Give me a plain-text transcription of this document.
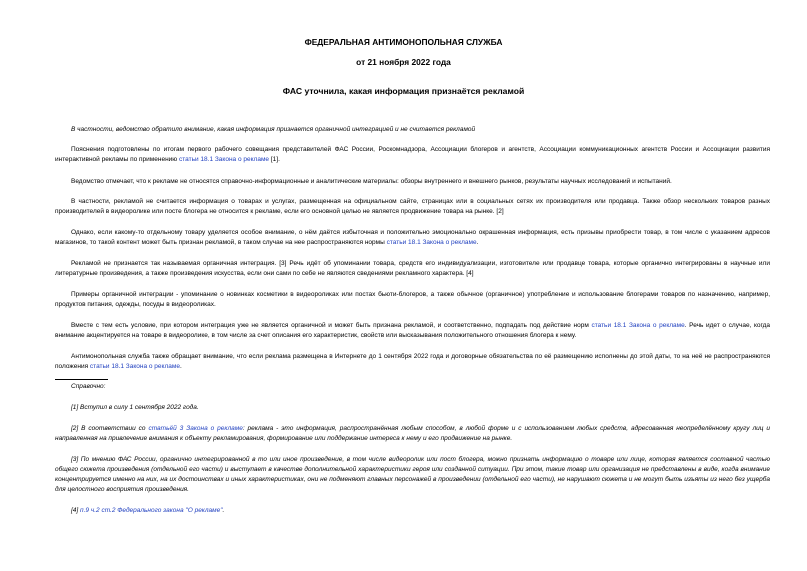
ФЕДЕРАЛЬНАЯ АНТИМОНОПОЛЬНАЯ СЛУЖБА
от 21 ноября 2022 года
ФАС уточнила, какая информация признаётся рекламой

В частности, ведомство обратило внимание, какая информация признается органичной интеграцией и не считается рекламой

Пояснения подготовлены по итогам первого рабочего совещания представителей ФАС России, Роскомнадзора, Ассоциации блогеров и агентств, Ассоциации коммуникационных агентств России и Ассоциации развития интерактивной рекламы по применению статьи 18.1 Закона о рекламе [1].

Ведомство отмечает, что к рекламе не относятся справочно-информационные и аналитические материалы: обзоры внутреннего и внешнего рынков, результаты научных исследований и испытаний.

В частности, рекламой не считается информация о товарах и услугах, размещенная на официальном сайте, страницах или в социальных сетях их производителя или продавца. Также обзор нескольких товаров разных производителей в видеоролике или посте блогера не относится к рекламе, если его основной целью не является продвижение товара на рынке. [2]

Однако, если какому-то отдельному товару уделяется особое внимание, о нём даётся избыточная и положительно эмоционально окрашенная информация, есть призывы приобрести товар, в том числе с указанием адресов магазинов, то такой контент может быть признан рекламой, в таком случае на нее распространяются нормы статьи 18.1 Закона о рекламе.

Рекламой не признается так называемая органичная интеграция. [3] Речь идёт об упоминании товара, средств его индивидуализации, изготовителе или продавце товара, которые органично интегрированы в научные или литературные произведения, а также произведения искусства, если они сами по себе не являются сведениями рекламного характера. [4]

Примеры органичной интеграции - упоминание о новинках косметики в видеороликах или постах бьюти-блогеров, а также обычное (органичное) употребление и использование блогерами товаров по назначению, например, продуктов питания, одежды, посуды в видеороликах.

Вместе с тем есть условие, при котором интеграция уже не является органичной и может быть признана рекламой, и соответственно, подпадать под действие норм статьи 18.1 Закона о рекламе. Речь идет о случае, когда внимание акцентируется на товаре в видеоролике, в том числе за счет описания его характеристик, свойств или высказывания положительного отношения блогера к нему.

Антимонопольная служба также обращает внимание, что если реклама размещена в Интернете до 1 сентября 2022 года и договорные обязательства по её размещению исполнены до этой даты, то на неё не распространяются положения статьи 18.1 Закона о рекламе.

Справочно:

[1] Вступил в силу 1 сентября 2022 года.

[2] В соответствии со статьёй 3 Закона о рекламе: реклама - это информация, распространённая любым способом, в любой форме и с использованием любых средств, адресованная неопределённому кругу лиц и направленная на привлечение внимания к объекту рекламирования, формирование или поддержание интереса к нему и его продвижение на рынке.

[3] По мнению ФАС России, органично интегрированной в то или иное произведение, в том числе видеоролик или пост блогера, можно признать информацию о товаре или лице, которая является составной частью общего сюжета произведения (отдельной его части) и выступает в качестве дополнительной характеристики героя или созданной ситуации. При этом, такие товар или организация не представлены в виде, когда внимание концентрируется именно на них, на их достоинствах и иных характеристиках, они не подменяют главных персонажей в произведении (отдельной его части), не нарушают сюжета и не могут быть изъяты из него без ущерба для целостного восприятия произведения.

[4] п.9 ч.2 ст.2 Федерального закона "О рекламе".
